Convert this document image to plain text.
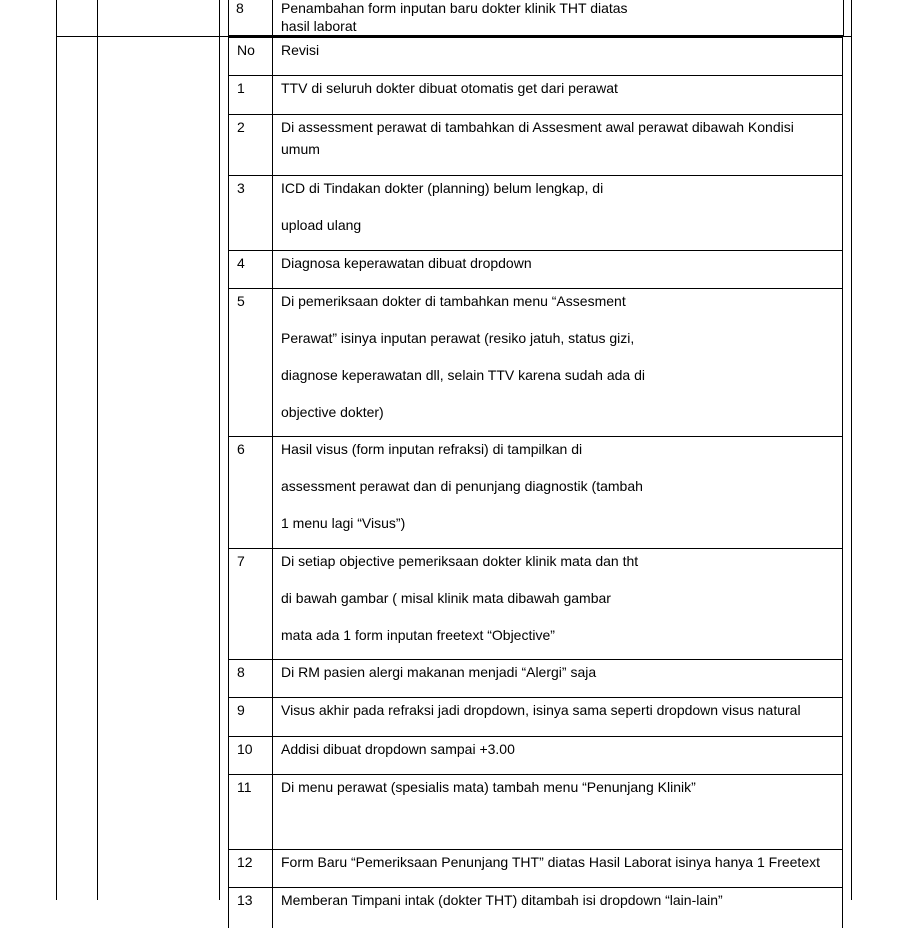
8	Penambahan form inputan baru dokter klinik THT diatas
hasil laborat
No	Revisi
1	TTV di seluruh dokter dibuat otomatis get dari perawat
2	Di assessment perawat di tambahkan di Assesment awal perawat dibawah Kondisi
umum
3	ICD di Tindakan dokter (planning) belum lengkap, di
upload ulang
4	Diagnosa keperawatan dibuat dropdown
5	Di pemeriksaan dokter di tambahkan menu “Assesment
Perawat” isinya inputan perawat (resiko jatuh, status gizi,
diagnose keperawatan dll, selain TTV karena sudah ada di
objective dokter)
6	Hasil visus (form inputan refraksi) di tampilkan di
assessment perawat dan di penunjang diagnostik (tambah
1 menu lagi “Visus”)
7	Di setiap objective pemeriksaan dokter klinik mata dan tht
di bawah gambar ( misal klinik mata dibawah gambar
mata ada 1 form inputan freetext “Objective”
8	Di RM pasien alergi makanan menjadi “Alergi” saja
9	Visus akhir pada refraksi jadi dropdown, isinya sama seperti dropdown visus natural
10	Addisi dibuat dropdown sampai +3.00
11	Di menu perawat (spesialis mata) tambah menu “Penunjang Klinik”
12	Form Baru “Pemeriksaan Penunjang THT” diatas Hasil Laborat isinya hanya 1 Freetext
13	Memberan Timpani intak (dokter THT) ditambah isi dropdown “lain-lain”
